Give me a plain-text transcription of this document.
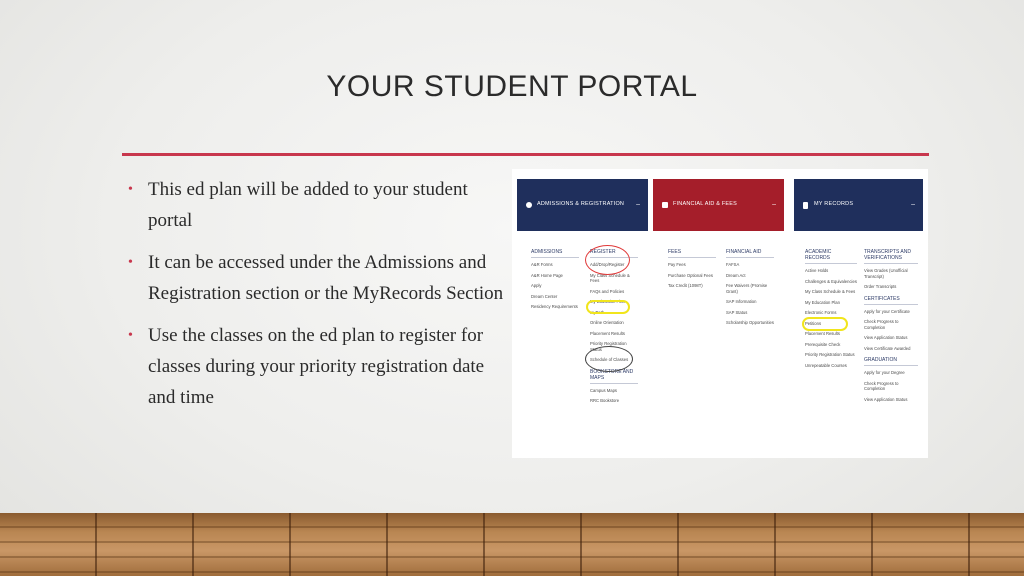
YOUR STUDENT PORTAL
• This ed plan will be added to your student portal
• It can be accessed under the Admissions and Registration section or the MyRecords Section
• Use the classes on the ed plan to register for classes during your priority registration date and time
ADMISSIONS & REGISTRATION –
ADMISSIONS
A&R Forms
A&R Home Page
Apply
Dream Center
Residency Requirements
REGISTER
Add/Drop/Register
My Class Schedule & Fees
FAQs and Policies
My Education Plan
myPath
Online Orientation
Placement Results
Priority Registration Status
Schedule of Classes
BOOKSTORE AND MAPS
Campus Maps
RRC Bookstore
FINANCIAL AID & FEES	–
FEES
Pay Fees
Purchase Optional Fees
Tax Credit (1098T)
FINANCIAL AID
FAFSA
Dream Act
Fee Waivers (Promise Grant)
SAP Information
SAP Status
Scholarship Opportunities
MY RECORDS	–
ACADEMIC RECORDS
Active Holds
Challenges & Equivalencies
My Class Schedule & Fees
My Education Plan
Electronic Forms
Petitions
Placement Results
Prerequisite Check
Priority Registration Status
Unrepeatable Courses
TRANSCRIPTS AND VERIFICATIONS
View Grades (Unofficial Transcript)
Order Transcripts
CERTIFICATES
Apply for your Certificate
Check Progress to Completion
View Application Status
View Certificate Awarded
GRADUATION
Apply for your Degree
Check Progress to Completion
View Application Status
